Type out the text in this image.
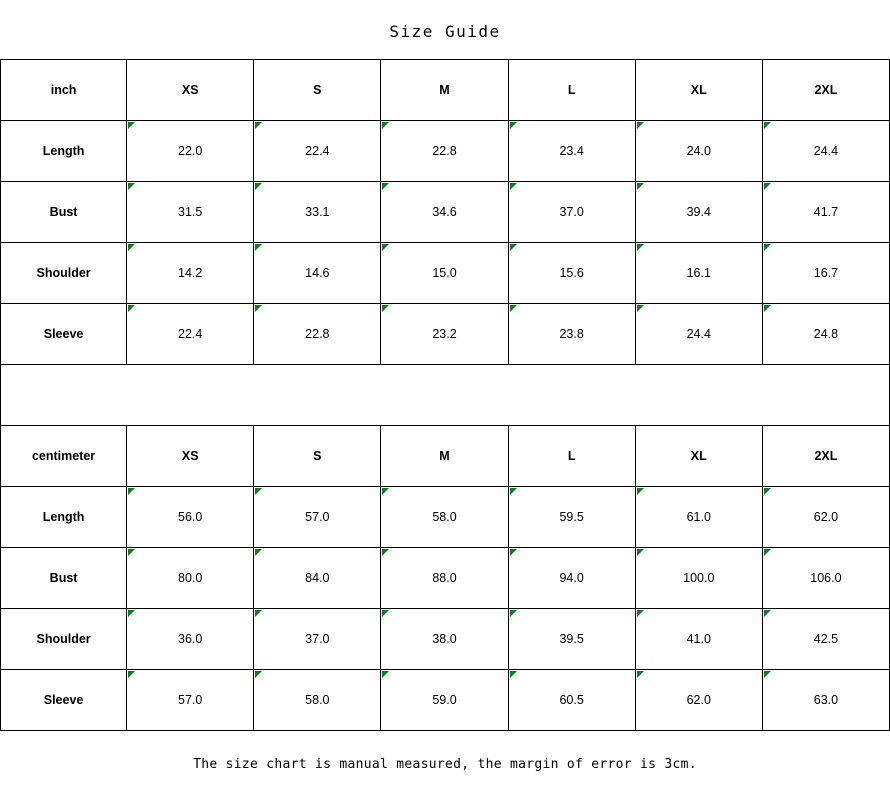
Size Guide
inch	XS	S	M	L	XL	2XL
Length	22.0	22.4	22.8	23.4	24.0	24.4
Bust	31.5	33.1	34.6	37.0	39.4	41.7
Shoulder	14.2	14.6	15.0	15.6	16.1	16.7
Sleeve	22.4	22.8	23.2	23.8	24.4	24.8
centimeter	XS	S	M	L	XL	2XL
Length	56.0	57.0	58.0	59.5	61.0	62.0
Bust	80.0	84.0	88.0	94.0	100.0	106.0
Shoulder	36.0	37.0	38.0	39.5	41.0	42.5
Sleeve	57.0	58.0	59.0	60.5	62.0	63.0
The size chart is manual measured, the margin of error is 3cm.
